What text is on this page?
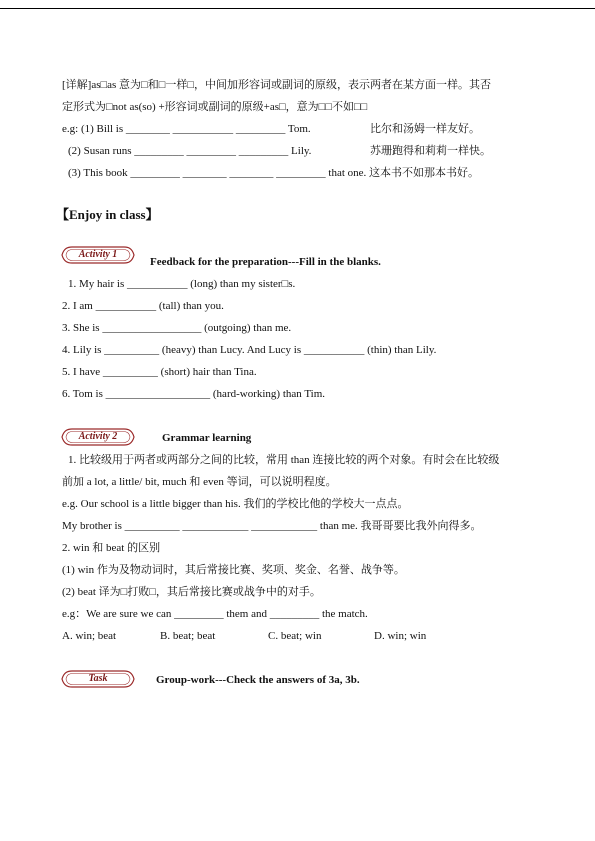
[详解]as□as 意为□和□一样□，中间加形容词或副词的原级，表示两者在某方面一样。其否
定形式为□not as(so) +形容词或副词的原级+as□，意为□□不如□□
e.g: (1) Bill is ________ ___________ _________ Tom.	比尔和汤姆一样友好。
(2) Susan runs _________ _________ _________ Lily.	苏珊跑得和莉莉一样快。
(3) This book _________ ________ ________ _________ that one. 这本书不如那本书好。
【Enjoy in class】
Activity 1
Feedback for the preparation---Fill in the blanks.
1. My hair is ___________ (long) than my sister□s.
2. I am ___________ (tall) than you.
3. She is __________________ (outgoing) than me.
4. Lily is __________ (heavy) than Lucy. And Lucy is ___________ (thin) than Lily.
5. I have __________ (short) hair than Tina.
6. Tom is ___________________ (hard-working) than Tim.
Activity 2	Grammar learning
1. 比较级用于两者或两部分之间的比较，常用 than 连接比较的两个对象。有时会在比较级
前加 a lot, a little/ bit, much 和 even 等词，可以说明程度。
e.g. Our school is a little bigger than his. 我们的学校比他的学校大一点点。
My brother is __________ ____________ ____________ than me. 我哥哥要比我外向得多。
2. win 和 beat 的区别
(1) win 作为及物动词时，其后常接比赛、奖项、奖金、名誉、战争等。
(2) beat 译为□打败□，其后常接比赛或战争中的对手。
e.g：We are sure we can _________ them and _________ the match.
A. win; beat	B. beat; beat	C. beat; win	D. win; win
Task	Group-work---Check the answers of 3a, 3b.
